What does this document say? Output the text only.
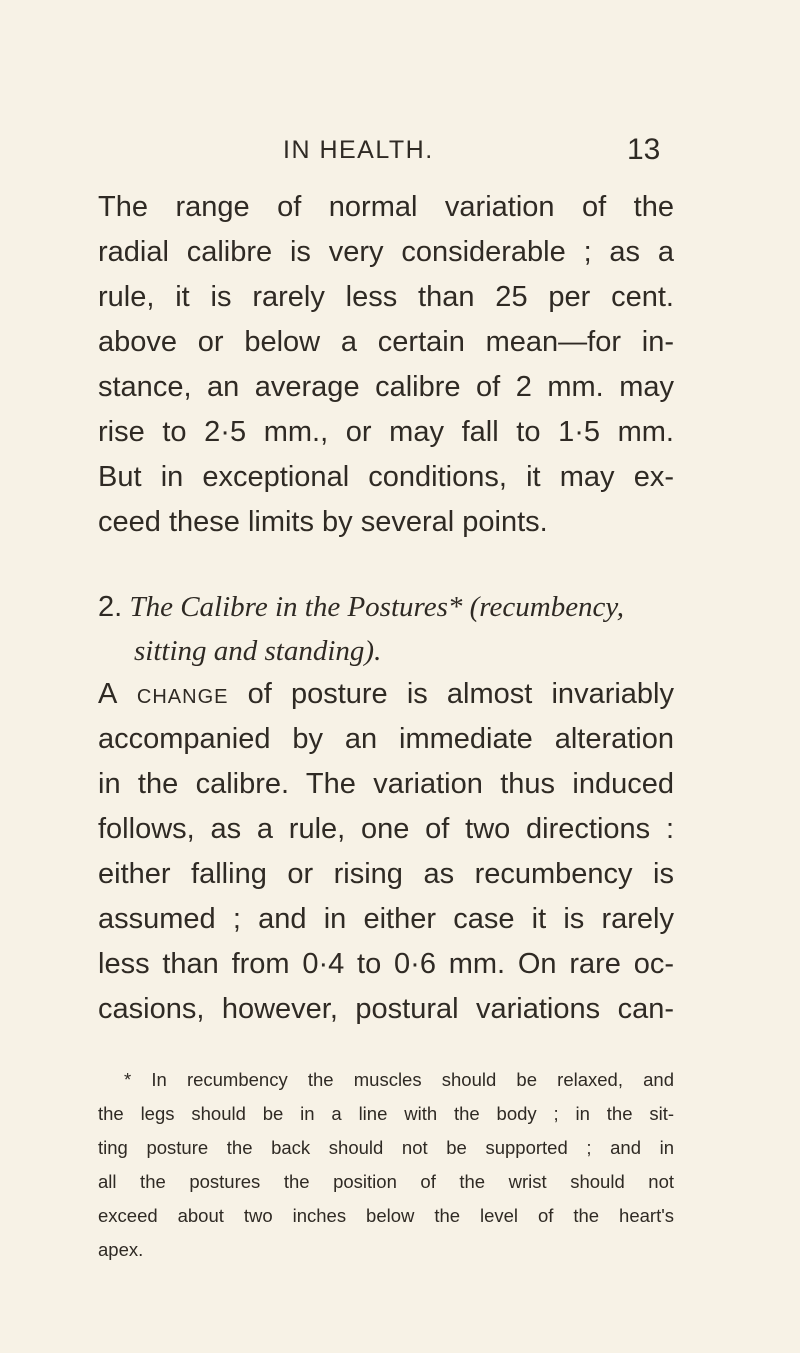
IN HEALTH.	13
The range of normal variation of the
radial calibre is very considerable ; as a
rule, it is rarely less than 25 per cent.
above or below a certain mean—for in-
stance, an average calibre of 2 mm. may
rise to 2·5 mm., or may fall to 1·5 mm.
But in exceptional conditions, it may ex-
ceed these limits by several points.
2. The Calibre in the Postures* (recumbency,
sitting and standing).
A change of posture is almost invariably
accompanied by an immediate alteration
in the calibre. The variation thus induced
follows, as a rule, one of two directions :
either falling or rising as recumbency is
assumed ; and in either case it is rarely
less than from 0·4 to 0·6 mm. On rare oc-
casions, however, postural variations can-
* In recumbency the muscles should be relaxed, and
the legs should be in a line with the body ; in the sit-
ting posture the back should not be supported ; and in
all the postures the position of the wrist should not
exceed about two inches below the level of the heart's
apex.
